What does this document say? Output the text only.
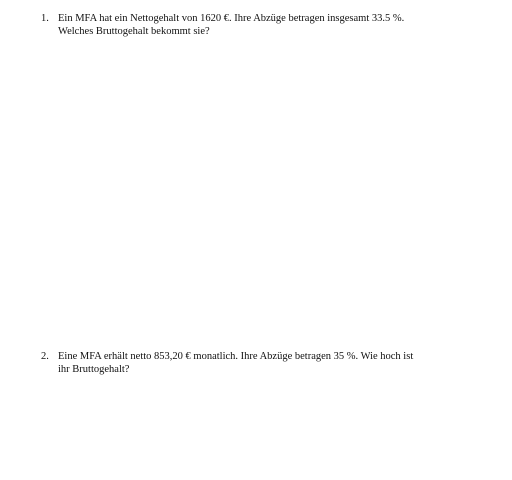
1. Ein MFA hat ein Nettogehalt von 1620 €. Ihre Abzüge betragen insgesamt 33.5 %.
Welches Bruttogehalt bekommt sie?
2. Eine MFA erhält netto 853,20 € monatlich. Ihre Abzüge betragen 35 %. Wie hoch ist
ihr Bruttogehalt?
